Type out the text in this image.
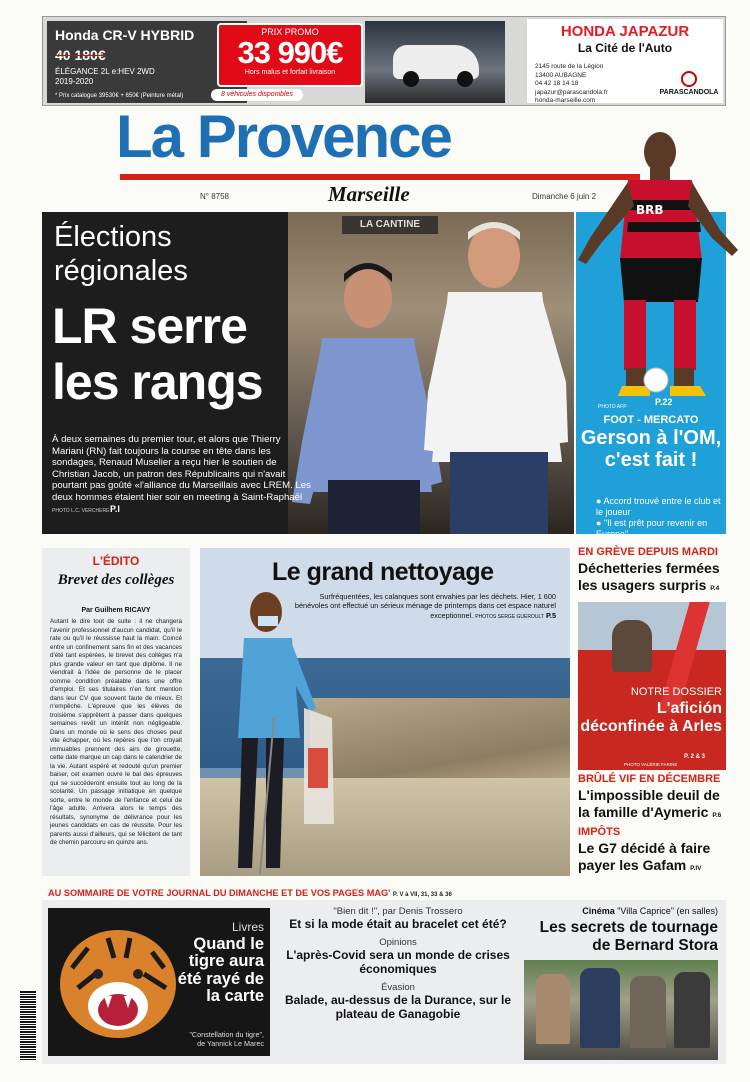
Honda CR-V HYBRID
40 180€
ÉLÉGANCE 2L e:HEV 2WD
2019-2020
* Prix catalogue 39530€ + 650€ (Peinture métal)
PRIX PROMO
33 990€
Hors malus et forfait livraison
8 véhicules disponibles
HONDA JAPAZUR
La Cité de l'Auto
2145 route de la Légion
13400 AUBAGNE
04 42 18 14 18
japazur@parascandola.fr
honda-marseille.com
PARASCANDOLA
La Provence
N° 8758	Marseille	Dimanche 6 juin 2
BRB
PHOTO AFP	P.22
FOOT - MERCATO
Gerson à l'OM, c'est fait !
● Accord trouvé entre le club et le joueur
● "Il est prêt pour revenir en Europe"
LA CANTINE
Élections
régionales
LR serre
les rangs
À deux semaines du premier tour, et alors que Thierry Mariani (RN) fait toujours la course en tête dans les sondages, Renaud Muselier a reçu hier le soutien de Christian Jacob, un patron des Républicains qui n'avait pourtant pas goûté «l'alliance du Marseillais avec LREM. Les deux hommes étaient hier soir en meeting à Saint-Raphaël
PHOTO L.C. VERCHERE P.I
L'ÉDITO
Brevet des collèges
Par Guilhem RICAVY
Autant le dire tout de suite : il ne changera l'avenir professionnel d'aucun candidat, qu'il le rate ou qu'il le réussisse haut la main. Coincé entre un confinement sans fin et des vacances d'été tant espérées, le brevet des collèges n'a plus grande valeur en tant que diplôme. Il ne viendrait à l'idée de personne de le placer comme condition préalable dans une offre d'emploi. Et ses titulaires n'en font mention dans leur CV que souvent faute de mieux. Et n'empêche. L'épreuve que les élèves de troisième s'apprêtent à passer dans quelques semaines revêt un intérêt non négligeable. Dans un monde où le sens des choses peut vite échapper, où les repères que l'on croyait immuables prennent des airs de girouette, cette date marque un cap dans le calendrier de la vie. Autant espéré et redouté qu'un premier baiser, cet examen ouvre le bal des épreuves qui se succéderont ensuite tout au long de la scolarité. Un passage initiatique en quelque sorte, entre le monde de l'enfance et celui de l'âge adulte. Arrivera alors le temps des résultats, synonyme de délivrance pour les jeunes candidats en cas de réussite. Pour les parents aussi d'ailleurs, qui se félicitent de tant de chemin parcouru en quinze ans.
Le grand nettoyage
Surfréquentées, les calanques sont envahies par les déchets. Hier, 1 600 bénévoles ont effectué un sérieux ménage de printemps dans cet espace naturel exceptionnel. PHOTOS SERGE GUEROULT P.5
EN GRÈVE DEPUIS MARDI
Déchetteries fermées les usagers surpris P.4
NOTRE DOSSIER
L'afición déconfinée à Arles
PHOTO VALÉRIE FARINE
P. 2 & 3
BRÛLÉ VIF EN DÉCEMBRE
L'impossible deuil de la famille d'Aymeric P.6
IMPÔTS
Le G7 décidé à faire payer les Gafam P.IV
AU SOMMAIRE DE VOTRE JOURNAL DU DIMANCHE ET DE VOS PAGES MAG' P. V à VII, 31, 33 & 36
Livres
Quand le tigre aura été rayé de la carte
"Constellation du tigre",
de Yannick Le Marec
"Bien dit !", par Denis Trossero
Et si la mode était au bracelet cet été?
Opinions
L'après-Covid sera un monde de crises économiques
Évasion
Balade, au-dessus de la Durance, sur le plateau de Ganagobie
Cinéma "Villa Caprice" (en salles)
Les secrets de tournage de Bernard Stora
PHOTO DR
